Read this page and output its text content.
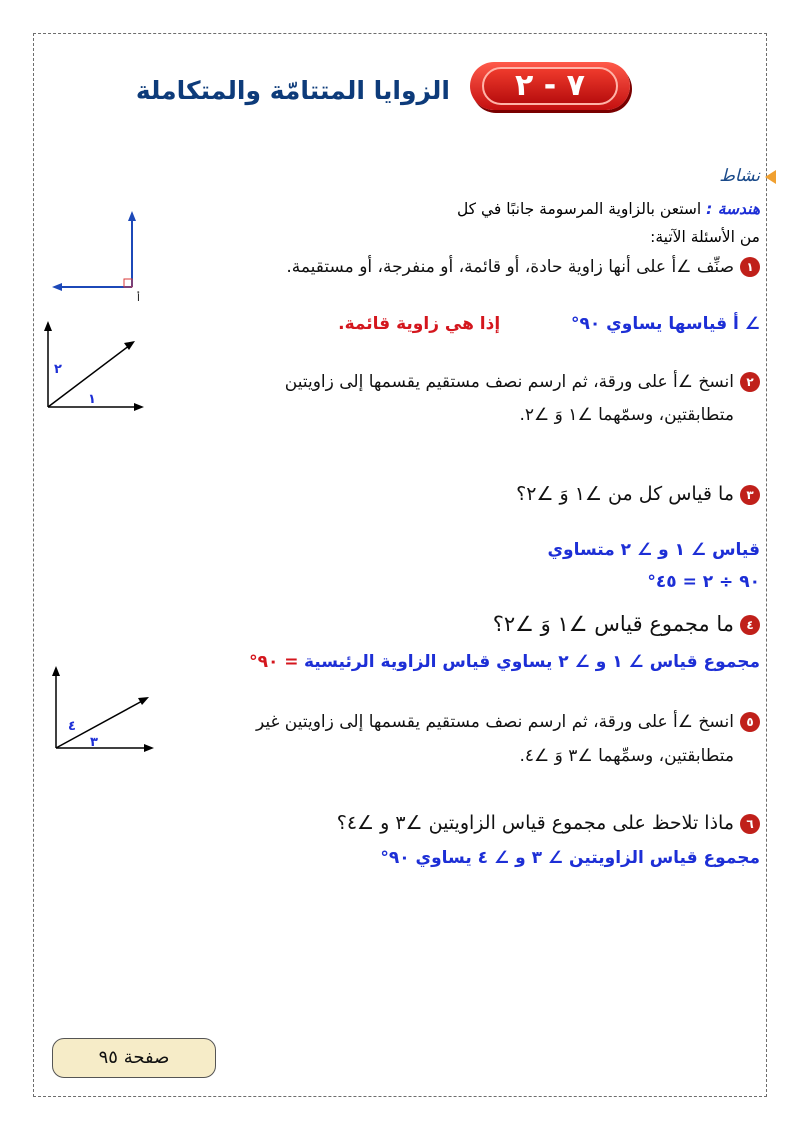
٧ - ٢
الزوايا المتتامّة والمتكاملة
نشاط
هندسة : استعن بالزاوية المرسومة جانبًا في كل
من الأسئلة الآتية:
١صنِّف ∠أ على أنها زاوية حادة، أو قائمة، أو منفرجة، أو مستقيمة.
∠ أ قياسها يساوي ٩٠°  إذا هي زاوية قائمة.
٢انسخ ∠أ على ورقة، ثم ارسم نصف مستقيم يقسمها إلى زاويتين
متطابقتين، وسمّهما ∠١ وَ ∠٢.
٣ما قياس كل من ∠١ وَ ∠٢؟
قياس ∠ ١ و ∠ ٢ متساوي
٩٠ ÷ ٢ = ٤٥°
٤ما مجموع قياس ∠١ وَ ∠٢؟
مجموع قياس ∠ ١ و ∠ ٢ يساوي قياس الزاوية الرئيسية = ٩٠°
٥انسخ ∠أ على ورقة، ثم ارسم نصف مستقيم يقسمها إلى زاويتين غير
متطابقتين، وسمِّهما ∠٣ وَ ∠٤.
٦ماذا تلاحظ على مجموع قياس الزاويتين ∠٣ و ∠٤؟
مجموع قياس الزاويتين ∠ ٣ و ∠ ٤ يساوي ٩٠°
أ
٢
١
٤
٣
صفحة ٩٥
